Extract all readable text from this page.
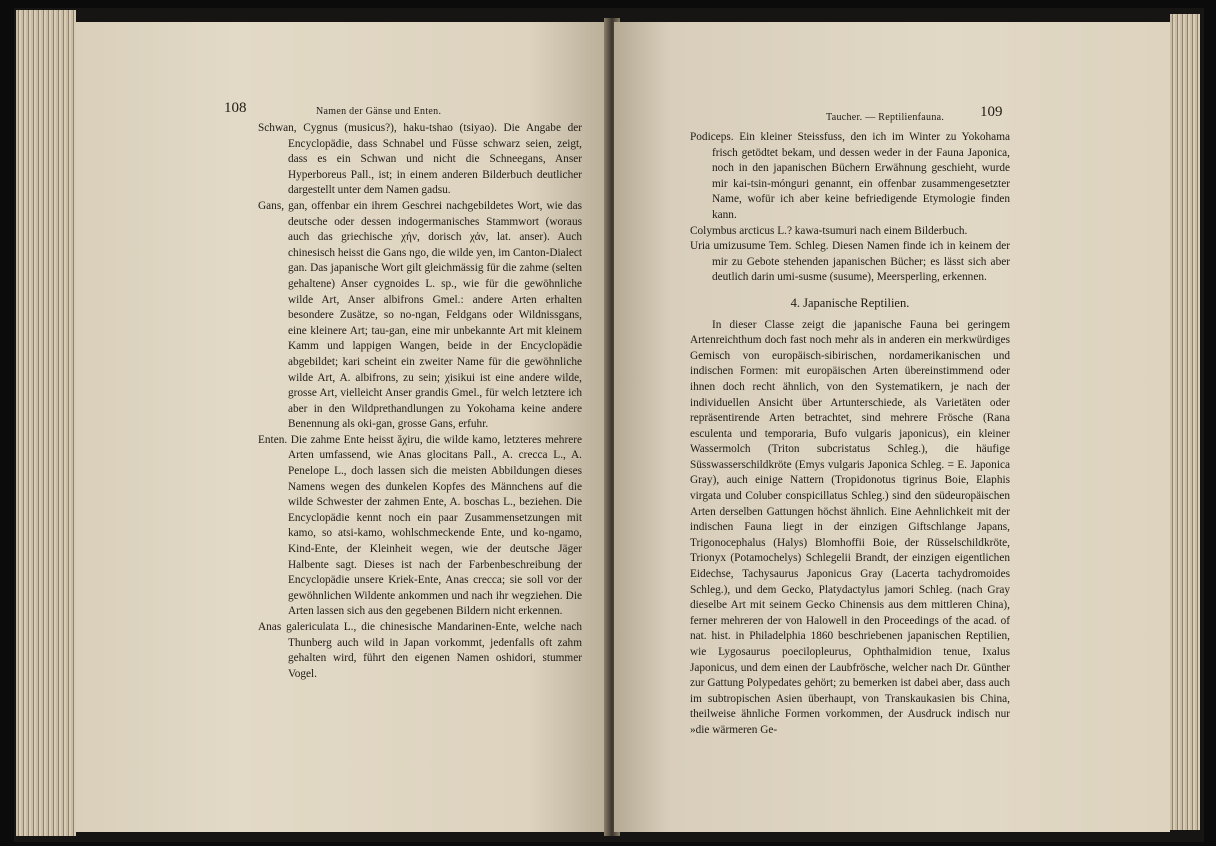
108	Namen der Gänse und Enten.

Schwan, Cygnus (musicus?), haku-tshao (tsiyao). Die Angabe der Encyclopädie, dass Schnabel und Füsse schwarz seien, zeigt, dass es ein Schwan und nicht die Schneegans, Anser Hyperboreus Pall., ist; in einem anderen Bilderbuch deutlicher dargestellt unter dem Namen gadsu.

Gans, gan, offenbar ein ihrem Geschrei nachgebildetes Wort, wie das deutsche oder dessen indogermanisches Stammwort (woraus auch das griechische χήν, dorisch χάν, lat. anser). Auch chinesisch heisst die Gans ngo, die wilde yen, im Canton-Dialect gan. Das japanische Wort gilt gleichmässig für die zahme (selten gehaltene) Anser cygnoides L. sp., wie für die gewöhnliche wilde Art, Anser albifrons Gmel.: andere Arten erhalten besondere Zusätze, so no-ngan, Feldgans oder Wildnissgans, eine kleinere Art; tau-gan, eine mir unbekannte Art mit kleinem Kamm und lappigen Wangen, beide in der Encyclopädie abgebildet; kari scheint ein zweiter Name für die gewöhnliche wilde Art, A. albifrons, zu sein; χisikui ist eine andere wilde, grosse Art, vielleicht Anser grandis Gmel., für welch letztere ich aber in den Wildprethandlungen zu Yokohama keine andere Benennung als oki-gan, grosse Gans, erfuhr.

Enten. Die zahme Ente heisst ăχiru, die wilde kamo, letzteres mehrere Arten umfassend, wie Anas glocitans Pall., A. crecca L., A. Penelope L., doch lassen sich die meisten Abbildungen dieses Namens wegen des dunkelen Kopfes des Männchens auf die wilde Schwester der zahmen Ente, A. boschas L., beziehen. Die Encyclopädie kennt noch ein paar Zusammensetzungen mit kamo, so atsi-kamo, wohlschmeckende Ente, und ko-ngamo, Kind-Ente, der Kleinheit wegen, wie der deutsche Jäger Halbente sagt. Dieses ist nach der Farbenbeschreibung der Encyclopädie unsere Kriek-Ente, Anas crecca; sie soll vor der gewöhnlichen Wildente ankommen und nach ihr wegziehen. Die Arten lassen sich aus den gegebenen Bildern nicht erkennen.

Anas galericulata L., die chinesische Mandarinen-Ente, welche nach Thunberg auch wild in Japan vorkommt, jedenfalls oft zahm gehalten wird, führt den eigenen Namen oshidori, stummer Vogel.

Taucher. — Reptilienfauna. 109

Podiceps. Ein kleiner Steissfuss, den ich im Winter zu Yokohama frisch getödtet bekam, und dessen weder in der Fauna Japonica, noch in den japanischen Büchern Erwähnung geschieht, wurde mir kai-tsin-mónguri genannt, ein offenbar zusammengesetzter Name, wofür ich aber keine befriedigende Etymologie finden kann.

Colymbus arcticus L.? kawa-tsumuri nach einem Bilderbuch.

Uria umizusume Tem. Schleg. Diesen Namen finde ich in keinem der mir zu Gebote stehenden japanischen Bücher; es lässt sich aber deutlich darin umi-susme (susume), Meersperling, erkennen.

4. Japanische Reptilien.

In dieser Classe zeigt die japanische Fauna bei geringem Artenreichthum doch fast noch mehr als in anderen ein merkwürdiges Gemisch von europäisch-sibirischen, nordamerikanischen und indischen Formen: mit europäischen Arten übereinstimmend oder ihnen doch recht ähnlich, von den Systematikern, je nach der individuellen Ansicht über Artunterschiede, als Varietäten oder repräsentirende Arten betrachtet, sind mehrere Frösche (Rana esculenta und temporaria, Bufo vulgaris japonicus), ein kleiner Wassermolch (Triton subcristatus Schleg.), die häufige Süsswasserschildkröte (Emys vulgaris Japonica Schleg. = E. Japonica Gray), auch einige Nattern (Tropidonotus tigrinus Boie, Elaphis virgata und Coluber conspicillatus Schleg.) sind den südeuropäischen Arten derselben Gattungen höchst ähnlich. Eine Aehnlichkeit mit der indischen Fauna liegt in der einzigen Giftschlange Japans, Trigonocephalus (Halys) Blomhoffii Boie, der Rüsselschildkröte, Trionyx (Potamochelys) Schlegelii Brandt, der einzigen eigentlichen Eidechse, Tachysaurus Japonicus Gray (Lacerta tachydromoides Schleg.), und dem Gecko, Platydactylus jamori Schleg. (nach Gray dieselbe Art mit seinem Gecko Chinensis aus dem mittleren China), ferner mehreren der von Halowell in den Proceedings of the acad. of nat. hist. in Philadelphia 1860 beschriebenen japanischen Reptilien, wie Lygosaurus poecilopleurus, Ophthalmidion tenue, Ixalus Japonicus, und dem einen der Laubfrösche, welcher nach Dr. Günther zur Gattung Polypedates gehört; zu bemerken ist dabei aber, dass auch im subtropischen Asien überhaupt, von Transkaukasien bis China, theilweise ähnliche Formen vorkommen, der Ausdruck indisch nur »die wärmeren Ge-
